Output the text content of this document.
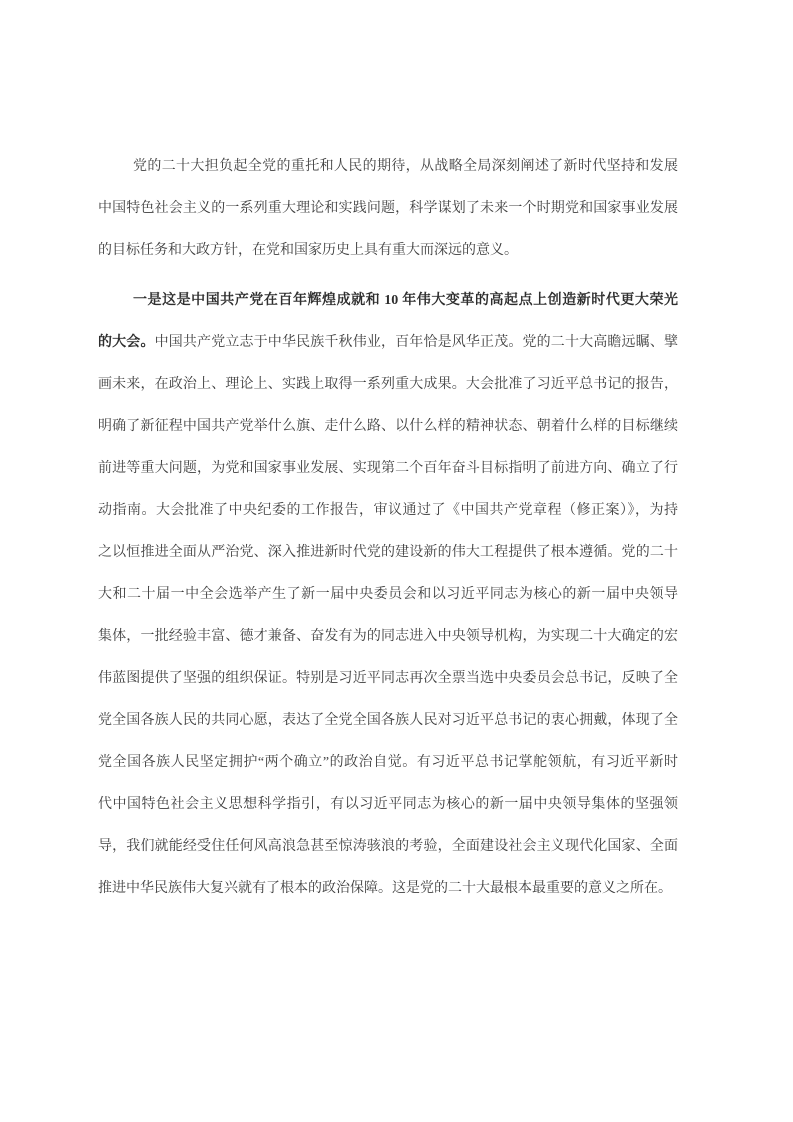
党的二十大担负起全党的重托和人民的期待，从战略全局深刻阐述了新时代坚持和发展
中国特色社会主义的一系列重大理论和实践问题，科学谋划了未来一个时期党和国家事业发展
的目标任务和大政方针，在党和国家历史上具有重大而深远的意义。
一是这是中国共产党在百年辉煌成就和 10 年伟大变革的高起点上创造新时代更大荣光
的大会。中国共产党立志于中华民族千秋伟业，百年恰是风华正茂。党的二十大高瞻远瞩、擘
画未来，在政治上、理论上、实践上取得一系列重大成果。大会批准了习近平总书记的报告，
明确了新征程中国共产党举什么旗、走什么路、以什么样的精神状态、朝着什么样的目标继续
前进等重大问题，为党和国家事业发展、实现第二个百年奋斗目标指明了前进方向、确立了行
动指南。大会批准了中央纪委的工作报告，审议通过了《中国共产党章程（修正案）》，为持
之以恒推进全面从严治党、深入推进新时代党的建设新的伟大工程提供了根本遵循。党的二十
大和二十届一中全会选举产生了新一届中央委员会和以习近平同志为核心的新一届中央领导
集体，一批经验丰富、德才兼备、奋发有为的同志进入中央领导机构，为实现二十大确定的宏
伟蓝图提供了坚强的组织保证。特别是习近平同志再次全票当选中央委员会总书记，反映了全
党全国各族人民的共同心愿，表达了全党全国各族人民对习近平总书记的衷心拥戴，体现了全
党全国各族人民坚定拥护“两个确立”的政治自觉。有习近平总书记掌舵领航，有习近平新时
代中国特色社会主义思想科学指引，有以习近平同志为核心的新一届中央领导集体的坚强领
导，我们就能经受住任何风高浪急甚至惊涛骇浪的考验，全面建设社会主义现代化国家、全面
推进中华民族伟大复兴就有了根本的政治保障。这是党的二十大最根本最重要的意义之所在。
